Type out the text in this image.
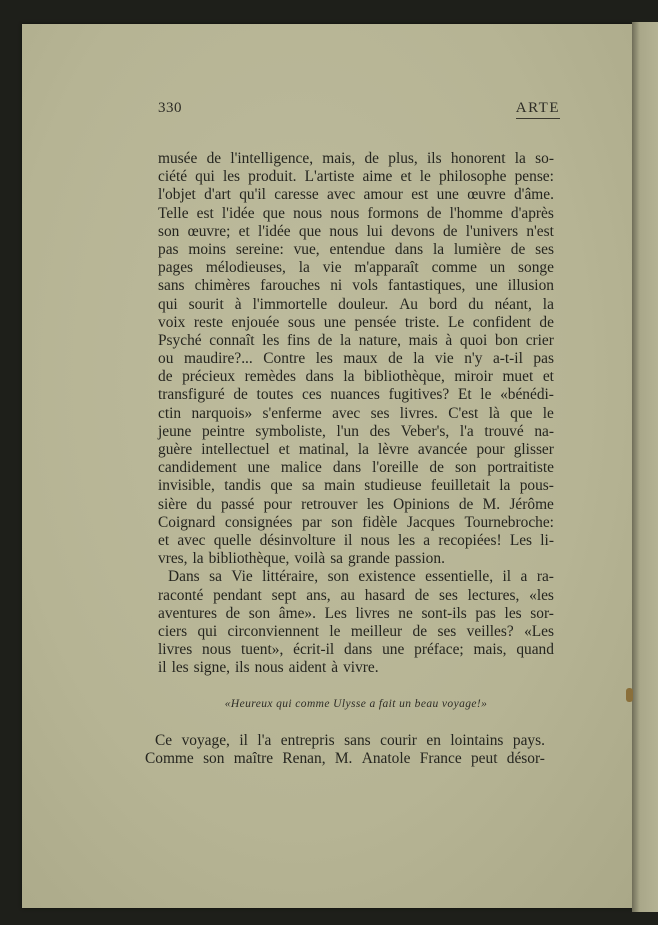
330	ARTE
musée de l'intelligence, mais, de plus, ils honorent la so-
ciété qui les produit. L'artiste aime et le philosophe pense:
l'objet d'art qu'il caresse avec amour est une œuvre d'âme.
Telle est l'idée que nous nous formons de l'homme d'après
son œuvre; et l'idée que nous lui devons de l'univers n'est
pas moins sereine: vue, entendue dans la lumière de ses
pages mélodieuses, la vie m'apparaît comme un songe
sans chimères farouches ni vols fantastiques, une illusion
qui sourit à l'immortelle douleur. Au bord du néant, la
voix reste enjouée sous une pensée triste. Le confident de
Psyché connaît les fins de la nature, mais à quoi bon crier
ou maudire?... Contre les maux de la vie n'y a-t-il pas
de précieux remèdes dans la bibliothèque, miroir muet et
transfiguré de toutes ces nuances fugitives? Et le «bénédi-
ctin narquois» s'enferme avec ses livres. C'est là que le
jeune peintre symboliste, l'un des Veber's, l'a trouvé na-
guère intellectuel et matinal, la lèvre avancée pour glisser
candidement une malice dans l'oreille de son portraitiste
invisible, tandis que sa main studieuse feuilletait la pous-
sière du passé pour retrouver les Opinions de M. Jérôme
Coignard consignées par son fidèle Jacques Tournebroche:
et avec quelle désinvolture il nous les a recopiées! Les li-
vres, la bibliothèque, voilà sa grande passion.
Dans sa Vie littéraire, son existence essentielle, il a ra-
raconté pendant sept ans, au hasard de ses lectures, «les
aventures de son âme». Les livres ne sont-ils pas les sor-
ciers qui circonviennent le meilleur de ses veilles? «Les
livres nous tuent», écrit-il dans une préface; mais, quand
il les signe, ils nous aident à vivre.
«Heureux qui comme Ulysse a fait un beau voyage!»
Ce voyage, il l'a entrepris sans courir en lointains pays.
Comme son maître Renan, M. Anatole France peut désor-
